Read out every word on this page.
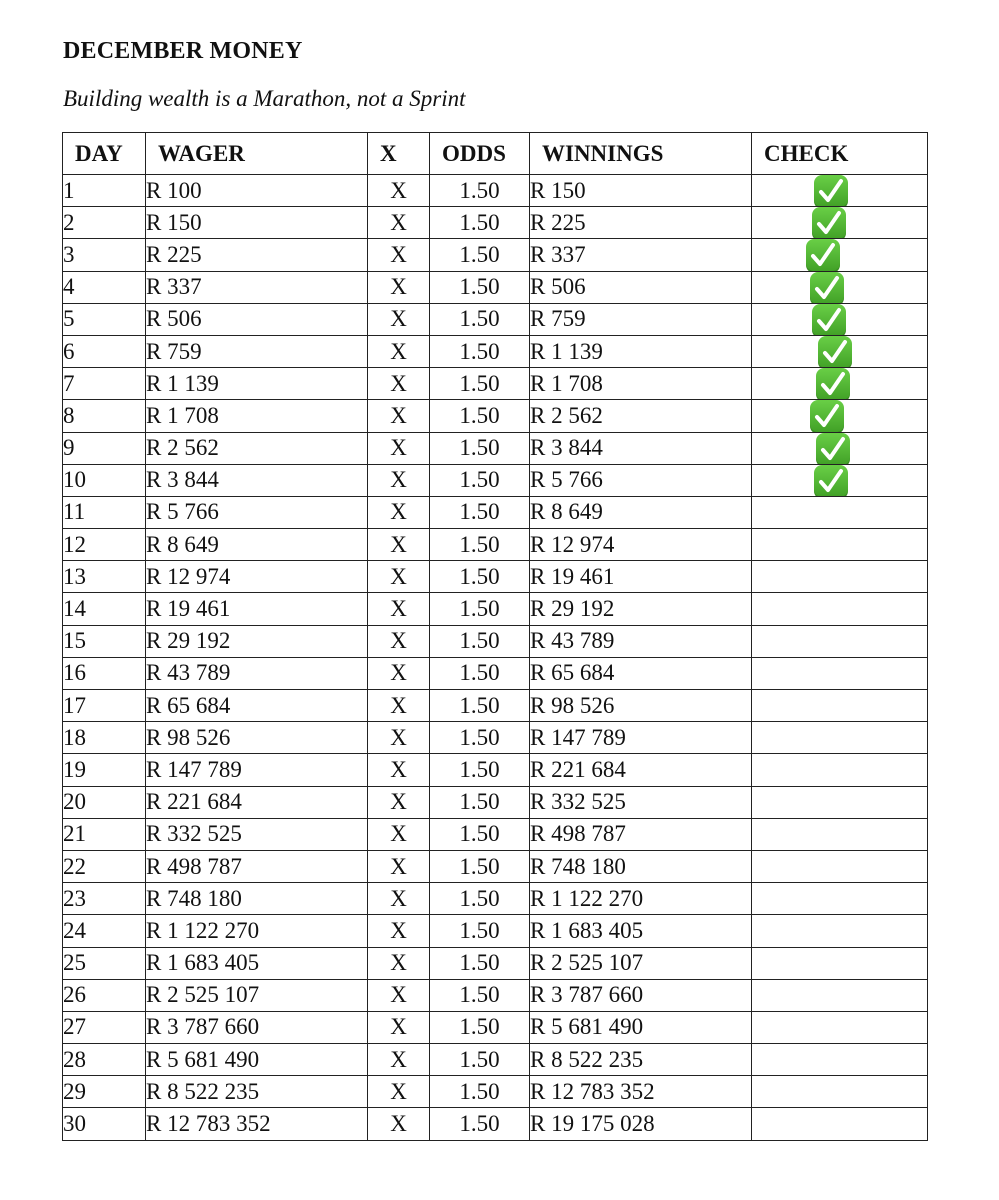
DECEMBER MONEY
Building wealth is a Marathon, not a Sprint
DAY	WAGER	X	ODDS	WINNINGS	CHECK
1	R 100	X	1.50	R 150	

2	R 150	X	1.50	R 225	

3	R 225	X	1.50	R 337	

4	R 337	X	1.50	R 506	

5	R 506	X	1.50	R 759	

6	R 759	X	1.50	R 1 139	

7	R 1 139	X	1.50	R 1 708	

8	R 1 708	X	1.50	R 2 562	

9	R 2 562	X	1.50	R 3 844	

10	R 3 844	X	1.50	R 5 766	

11	R 5 766	X	1.50	R 8 649	
12	R 8 649	X	1.50	R 12 974	
13	R 12 974	X	1.50	R 19 461	
14	R 19 461	X	1.50	R 29 192	
15	R 29 192	X	1.50	R 43 789	
16	R 43 789	X	1.50	R 65 684	
17	R 65 684	X	1.50	R 98 526	
18	R 98 526	X	1.50	R 147 789	
19	R 147 789	X	1.50	R 221 684	
20	R 221 684	X	1.50	R 332 525	
21	R 332 525	X	1.50	R 498 787	
22	R 498 787	X	1.50	R 748 180	
23	R 748 180	X	1.50	R 1 122 270	
24	R 1 122 270	X	1.50	R 1 683 405	
25	R 1 683 405	X	1.50	R 2 525 107	
26	R 2 525 107	X	1.50	R 3 787 660	
27	R 3 787 660	X	1.50	R 5 681 490	
28	R 5 681 490	X	1.50	R 8 522 235	
29	R 8 522 235	X	1.50	R 12 783 352	
30	R 12 783 352	X	1.50	R 19 175 028	
